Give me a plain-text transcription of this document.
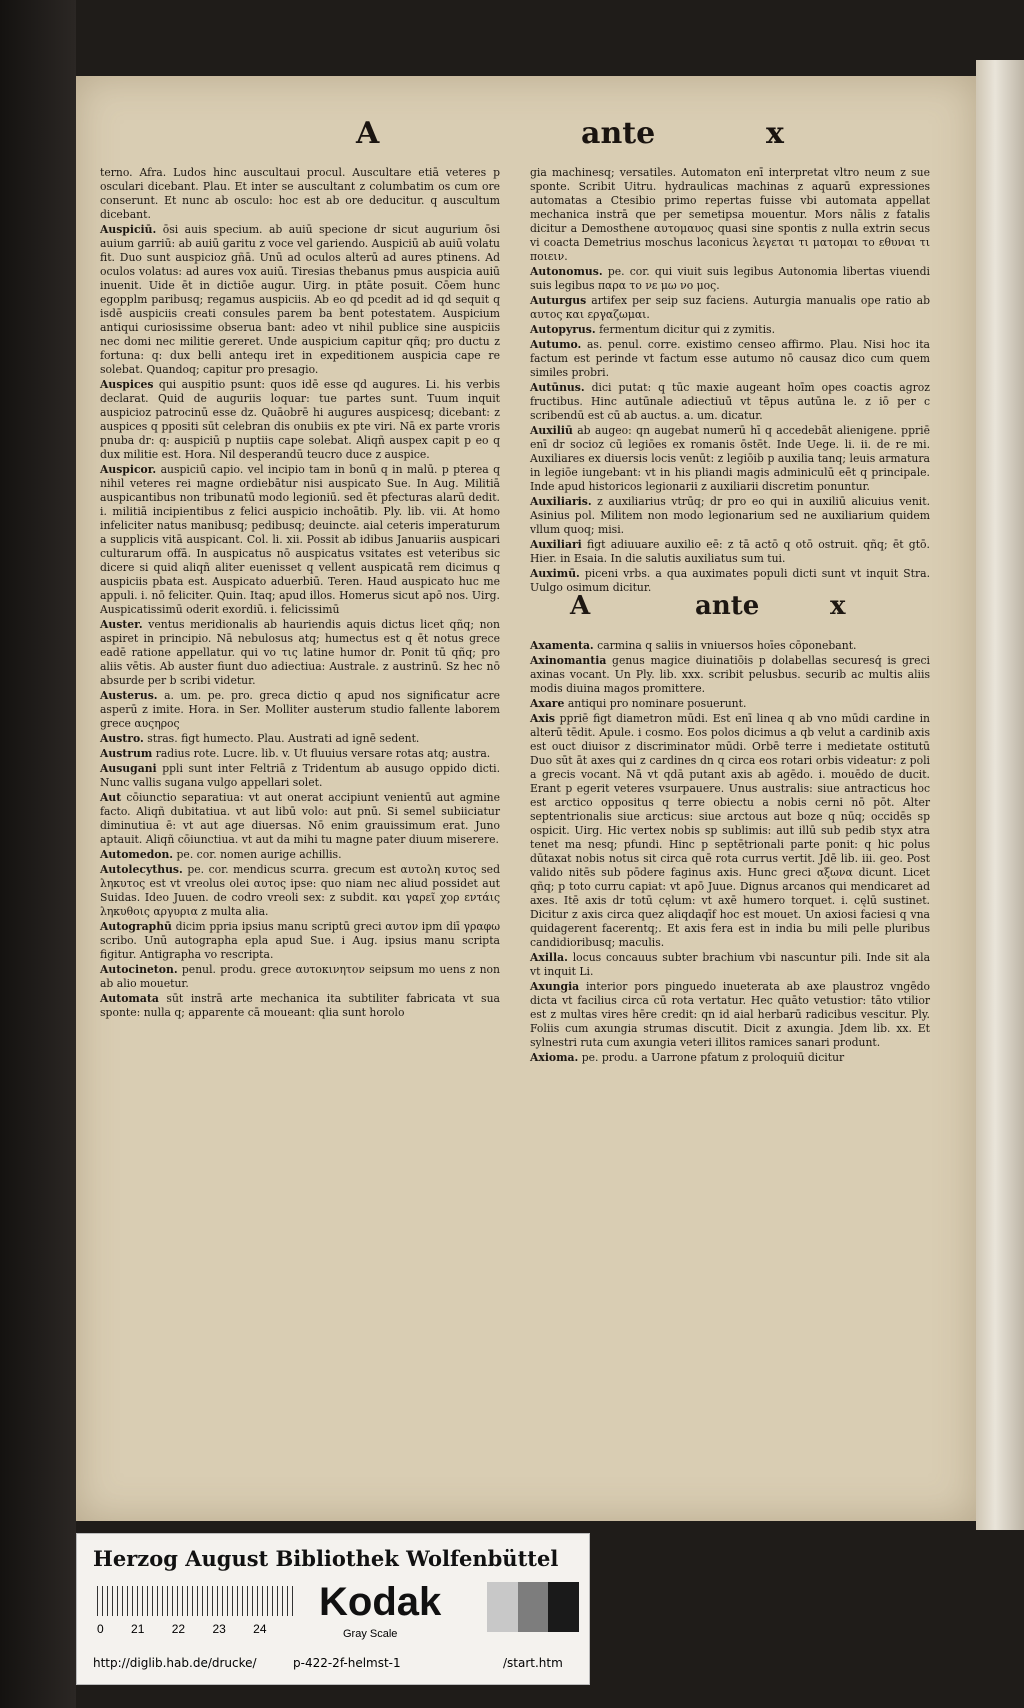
A	ante	x
terno. Afra. Ludos hinc auscultaui procul. Auscultare etiā veteres p osculari dicebant. Plau. Et inter se auscultant z columbatim os cum ore conserunt. Et nunc ab osculo: hoc est ab ore deducitur. q auscultum dicebant.
Auspiciū. ōsi auis specium. ab auiū specione dr sicut augurium ōsi auium garriū: ab auiū garitu z voce vel gariendo. Auspiciū ab auiū volatu fit. Duo sunt auspicioz gñā. Unū ad oculos alterū ad aures ptinens. Ad oculos volatus: ad aures vox auiū. Tiresias thebanus pmus auspicia auiū inuenit. Uide ēt in dictiōe augur. Uirg. in ptāte posuit. Cōem hunc egopplm paribusq; regamus auspiciis. Ab eo qd pcedit ad id qd sequit q isdē auspiciis creati consules parem ba bent potestatem. Auspicium antiqui curiosissime obserua bant: adeo vt nihil publice sine auspiciis nec domi nec militie gereret. Unde auspicium capitur qñq; pro ductu z fortuna: q: dux belli antequ iret in expeditionem auspicia cape re solebat. Quandoq; capitur pro presagio.
Auspices qui auspitio psunt: quos idē esse qd augures. Li. his verbis declarat. Quid de auguriis loquar: tue partes sunt. Tuum inquit auspicioz patrocinū esse dz. Quāobrē hi augures auspicesq; dicebant: z auspices q ppositi sūt celebran dis onubiis ex pte viri. Nā ex parte vroris pnuba dr: q: auspiciū p nuptiis cape solebat. Aliqñ auspex capit p eo q dux militie est. Hora. Nil desperandū teucro duce z auspice.
Auspicor. auspiciū capio. vel incipio tam in bonū q in malū. p pterea q nihil veteres rei magne ordiebātur nisi auspicato Sue. In Aug. Militiā auspicantibus non tribunatū modo legioniū. sed ēt pfecturas alarū dedit. i. militiā incipientibus z felici auspicio inchoātib. Ply. lib. vii. At homo infeliciter natus manibusq; pedibusq; deuincte. aial ceteris imperaturum a supplicis vitā auspicant. Col. li. xii. Possit ab idibus Januariis auspicari culturarum offā. In auspicatus nō auspicatus vsitates est veteribus sic dicere si quid aliqñ aliter euenisset q vellent auspicatā rem dicimus q auspiciis pbata est. Auspicato aduerbiū. Teren. Haud auspicato huc me appuli. i. nō feliciter. Quin. Itaq; apud illos. Homerus sicut apō nos. Uirg. Auspicatissimū oderit exordiū. i. felicissimū
Auster. ventus meridionalis ab hauriendis aquis dictus licet qñq; non aspiret in principio. Nā nebulosus atq; humectus est q ēt notus grece eadē ratione appellatur. qui vo τις latine humor dr. Ponit tū qñq; pro aliis vētis. Ab auster fiunt duo adiectiua: Australe. z austrinū. Sz hec nō absurde per b scribi videtur.
Austerus. a. um. pe. pro. greca dictio q apud nos significatur acre asperū z imite. Hora. in Ser. Molliter austerum studio fallente laborem grece αυςηρος
Austro. stras. figt humecto. Plau. Austrati ad ignē sedent.
Austrum radius rote. Lucre. lib. v. Ut fluuius versare rotas atq; austra.
Ausugani ppli sunt inter Feltriā z Tridentum ab ausugo oppido dicti. Nunc vallis sugana vulgo appellari solet.
Aut cōiunctio separatiua: vt aut onerat accipiunt venientū aut agmine facto. Aliqñ dubitatiua. vt aut libū volo: aut pnū. Si semel subiiciatur diminutiua ē: vt aut age diuersas. Nō enim grauissimum erat. Juno aptauit. Aliqñ cōiunctiua. vt aut da mihi tu magne pater diuum miserere.
Automedon. pe. cor. nomen aurige achillis.
Autolecythus. pe. cor. mendicus scurra. grecum est αυτολη κυτος sed ληκυτος est vt vreolus olei αυτος ipse: quo niam nec aliud possidet aut Suidas. Ideo Juuen. de codro vreoli sex: z subdit. και γαρεῖ χορ εντάις ληκυθοις αργυρια z multa alia.
Autographū dicim ppria ipsius manu scriptū greci αυτον ipm diī γραφω scribo. Unū autographa epla apud Sue. i Aug. ipsius manu scripta figitur. Antigrapha vo rescripta.
Autocineton. penul. produ. grece αυτοκινητον seipsum mo uens z non ab alio mouetur.
Automata sūt instrā arte mechanica ita subtiliter fabricata vt sua sponte: nulla q; apparente cā moueant: qlia sunt horolo
gia machinesq; versatiles. Automaton enī interpretat vltro neum z sue sponte. Scribit Uitru. hydraulicas machinas z aquarū expressiones automatas a Ctesibio primo repertas fuisse vbi automata appellat mechanica instrā que per semetipsa mouentur. Mors nālis z fatalis dicitur a Demosthene αυτομαυος quasi sine spontis z nulla extrin secus vi coacta Demetrius moschus laconicus λεγεται τι ματομαι το εθυναι τι ποιειν.
Autonomus. pe. cor. qui viuit suis legibus Autonomia libertas viuendi suis legibus παρα το νε μω νο μος.
Auturgus artifex per seip suz faciens. Auturgia manualis ope ratio ab αυτος και εργαζωμαι.
Autopyrus. fermentum dicitur qui z zymitis.
Autumo. as. penul. corre. existimo censeo affirmo. Plau. Nisi hoc ita factum est perinde vt factum esse autumo nō causaz dico cum quem similes probri.
Autūnus. dici putat: q tūc maxie augeant hoīm opes coactis agroz fructibus. Hinc autūnale adiectiuū vt tēpus autūna le. z iō per c scribendū est cū ab auctus. a. um. dicatur.
Auxiliū ab augeo: qn augebat numerū hī q accedebāt alienigene. ppriē enī dr socioz cū legiōes ex romanis ōstēt. Inde Uege. li. ii. de re mi. Auxiliares ex diuersis locis venūt: z legiōib p auxilia tanq; leuis armatura in legiōe iungebant: vt in his pliandi magis adminiculū eēt q principale. Inde apud historicos legionarii z auxiliarii discretim ponuntur.
Auxiliaris. z auxiliarius vtrūq; dr pro eo qui in auxiliū alicuius venit. Asinius pol. Militem non modo legionarium sed ne auxiliarium quidem vllum quoq; misi.
Auxiliari figt adiuuare auxilio eē: z tā actō q otō ostruit. qñq; ēt gtō. Hier. in Esaia. In die salutis auxiliatus sum tui.
Auximū. piceni vrbs. a qua auximates populi dicti sunt vt inquit Stra. Uulgo osimum dicitur.
A	ante	x
Axamenta. carmina q saliis in vniuersos hoīes cōponebant.
Axinomantia genus magice diuinatiōis p dolabellas securesq́ is greci axinas vocant. Un Ply. lib. xxx. scribit pelusbus. securib ac multis aliis modis diuina magos promittere.
Axare antiqui pro nominare posuerunt.
Axis ppriē figt diametron mūdi. Est enī linea q ab vno mūdi cardine in alterū tēdit. Apule. i cosmo. Eos polos dicimus a qb velut a cardinib axis est ouct diuisor z discriminator mūdi. Orbē terre i medietate ostitutū Duo sūt āt axes qui z cardines dn q circa eos rotari orbis videatur: z poli a grecis vocant. Nā vt qdā putant axis ab agēdo. i. mouēdo de ducit. Erant p egerit veteres vsurpauere. Unus australis: siue antracticus hoc est arctico oppositus q terre obiectu a nobis cerni nō pōt. Alter septentrionalis siue arcticus: siue arctous aut boze q nūq; occidēs sp ospicit. Uirg. Hic vertex nobis sp sublimis: aut illū sub pedib styx atra tenet ma nesq; pfundi. Hinc p septētrionali parte ponit: q hic polus dūtaxat nobis notus sit circa quē rota currus vertit. Jdē lib. iii. geo. Post valido nitēs sub pōdere faginus axis. Hunc greci αξωνα dicunt. Licet qñq; p toto curru capiat: vt apō Juue. Dignus arcanos qui mendicaret ad axes. Itē axis dr totū cęlum: vt axē humero torquet. i. cęlū sustinet. Dicitur z axis circa quez aliqdaqīf hoc est mouet. Un axiosi faciesi q vna quidagerent facerentq;. Et axis fera est in india bu mili pelle pluribus candidioribusq; maculis.
Axilla. locus concauus subter brachium vbi nascuntur pili. Inde sit ala vt inquit Li.
Axungia interior pors pinguedo inueterata ab axe plaustroz vngēdo dicta vt facilius circa cū rota vertatur. Hec quāto vetustior: tāto vtilior est z multas vires hēre credit: qn id aial herbarū radicibus vescitur. Ply. Foliis cum axungia strumas discutit. Dicit z axungia. Jdem lib. xx. Et sylnestri ruta cum axungia veteri illitos ramices sanari produnt.
Axioma. pe. produ. a Uarrone pfatum z proloquiū dicitur
Herzog August Bibliothek Wolfenbüttel
0 21 22 23 24
Kodak
Gray Scale
http://diglib.hab.de/drucke/	p-422-2f-helmst-1	/start.htm
